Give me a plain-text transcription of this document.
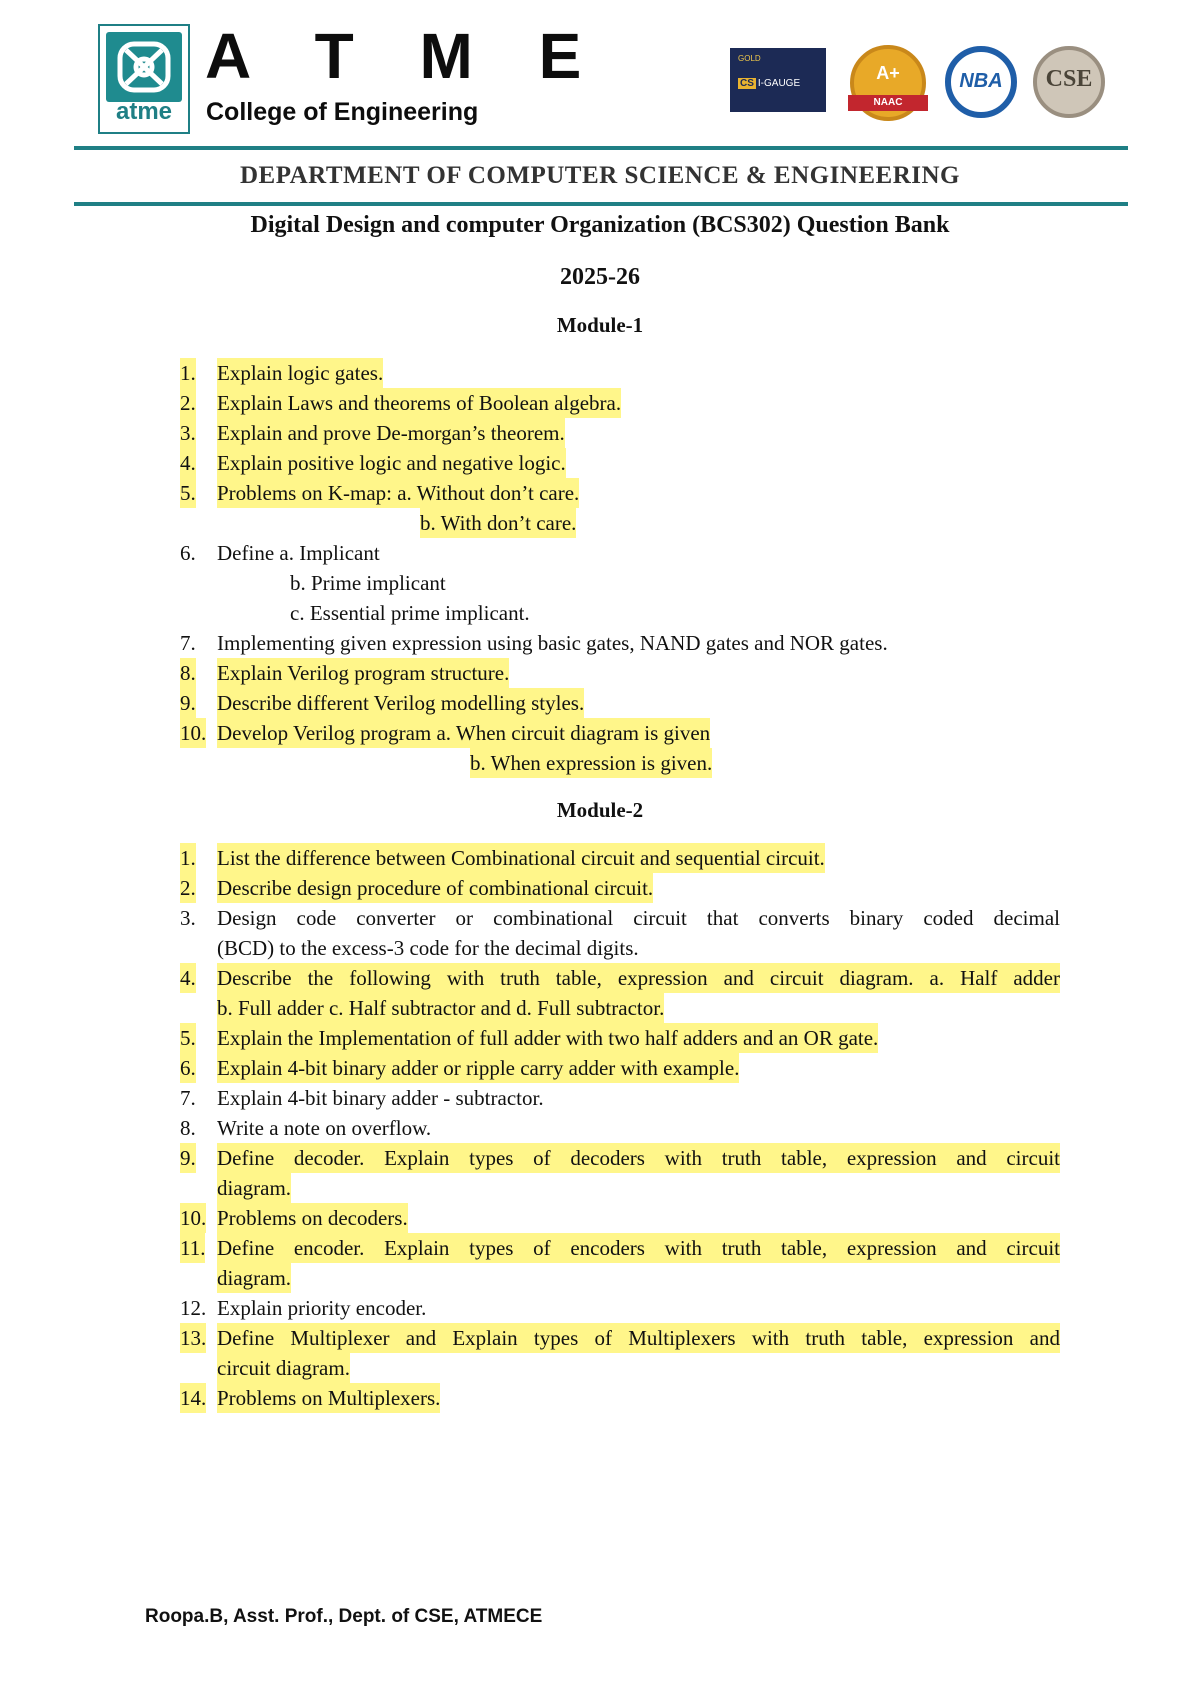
atme
A T M E
College of Engineering
GOLD
CS I-GAUGE
A+
NAAC
NBA	CSE
DEPARTMENT OF COMPUTER SCIENCE & ENGINEERING
Digital Design and computer Organization (BCS302) Question Bank
2025-26
Module-1
1. Explain logic gates.
2. Explain Laws and theorems of Boolean algebra.
3. Explain and prove De-morgan’s theorem.
4. Explain positive logic and negative logic.
5. Problems on K-map: a. Without don’t care.
b. With don’t care.
6. Define a. Implicant
b. Prime implicant
c. Essential prime implicant.
7. Implementing given expression using basic gates, NAND gates and NOR gates.
8. Explain Verilog program structure.
9. Describe different Verilog modelling styles.
10. Develop Verilog program a. When circuit diagram is given
b. When expression is given.
Module-2
1. List the difference between Combinational circuit and sequential circuit.
2. Describe design procedure of combinational circuit.
3. Design code converter or combinational circuit that converts binary coded decimal
(BCD) to the excess-3 code for the decimal digits.
4. Describe the following with truth table, expression and circuit diagram. a. Half adder
b. Full adder c. Half subtractor and d. Full subtractor.
5. Explain the Implementation of full adder with two half adders and an OR gate.
6. Explain 4-bit binary adder or ripple carry adder with example.
7. Explain 4-bit binary adder - subtractor.
8. Write a note on overflow.
9. Define decoder. Explain types of decoders with truth table, expression and circuit
diagram.
10. Problems on decoders.
11. Define encoder. Explain types of encoders with truth table, expression and circuit
diagram.
12. Explain priority encoder.
13. Define Multiplexer and Explain types of Multiplexers with truth table, expression and
circuit diagram.
14. Problems on Multiplexers.
Roopa.B, Asst. Prof., Dept. of CSE, ATMECE
